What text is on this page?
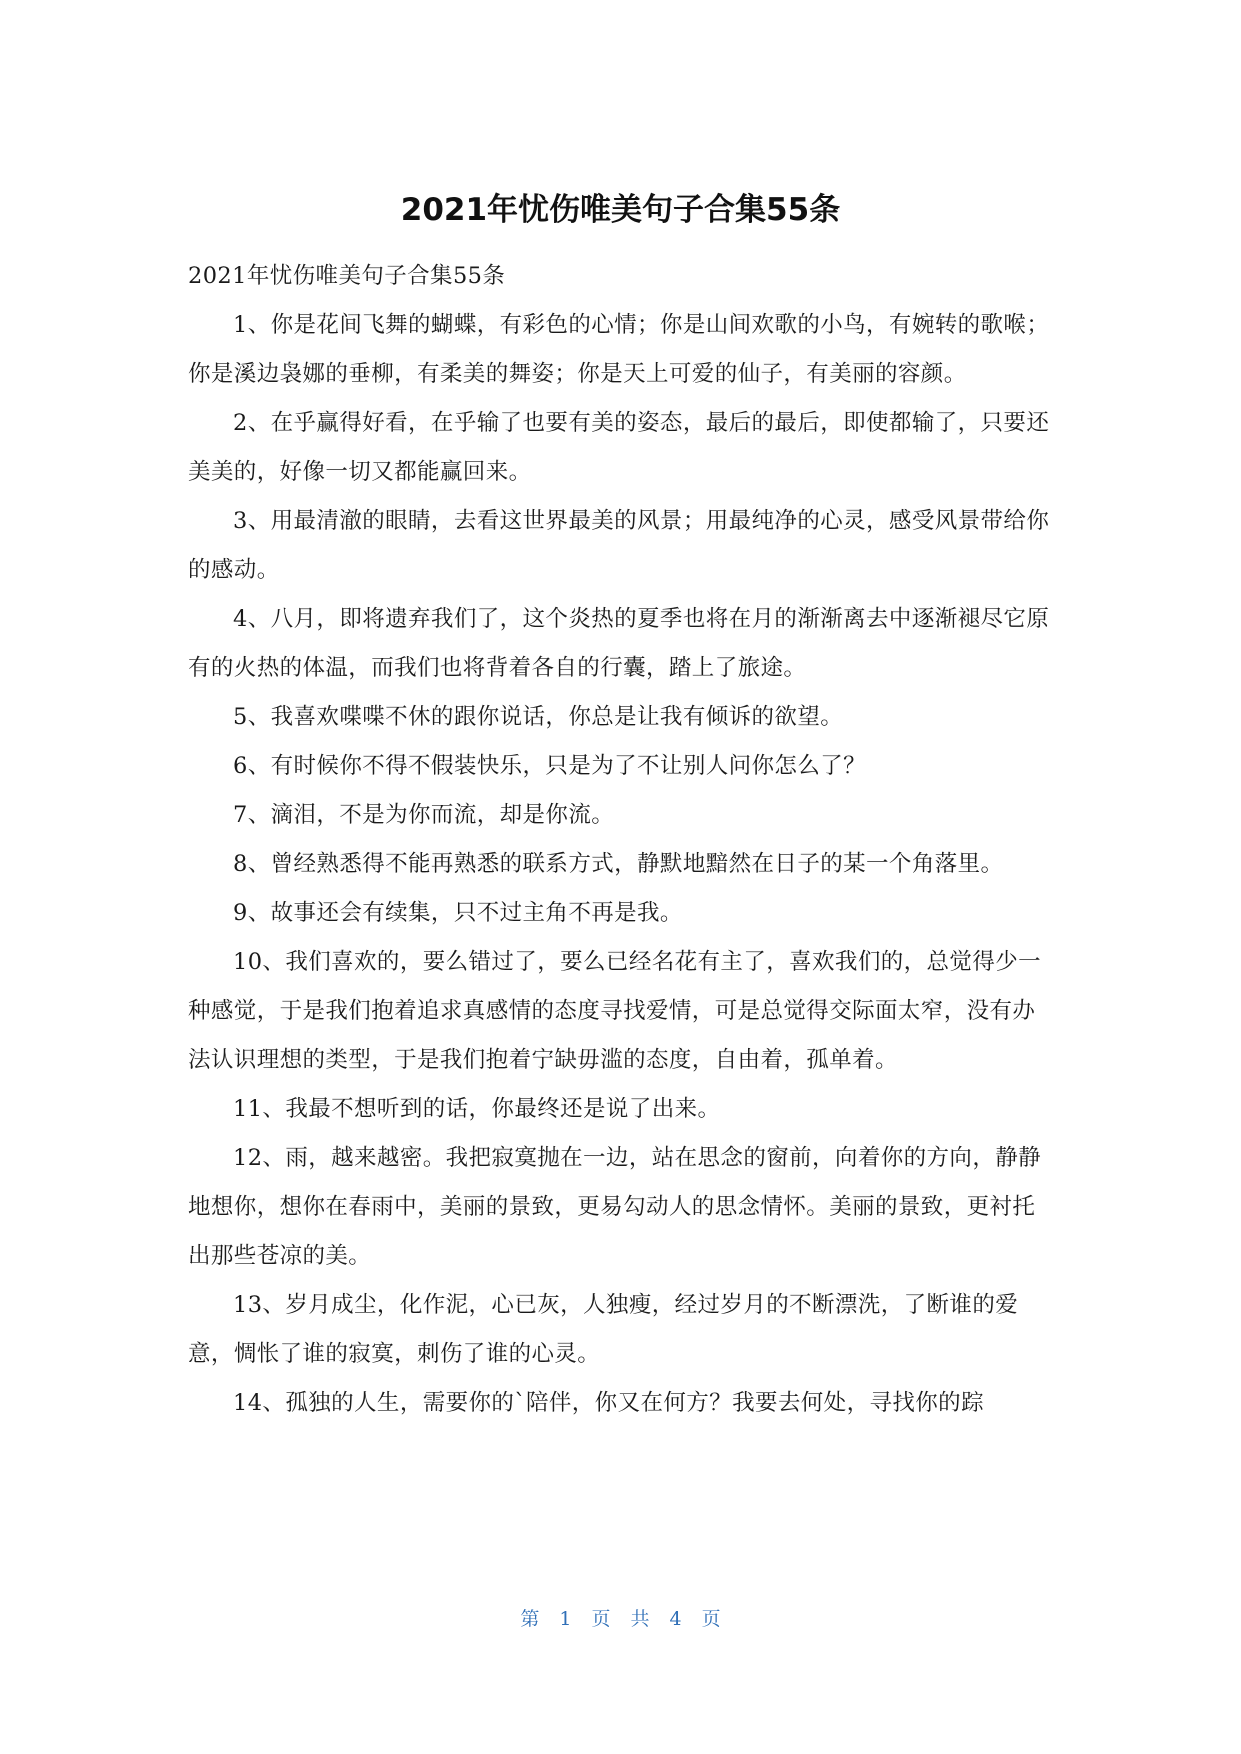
2021年忧伤唯美句子合集55条

2021年忧伤唯美句子合集55条

1、你是花间飞舞的蝴蝶，有彩色的心情；你是山间欢歌的小鸟，有婉转的歌喉；你是溪边袅娜的垂柳，有柔美的舞姿；你是天上可爱的仙子，有美丽的容颜。

2、在乎赢得好看，在乎输了也要有美的姿态，最后的最后，即使都输了，只要还美美的，好像一切又都能赢回来。

3、用最清澈的眼睛，去看这世界最美的风景；用最纯净的心灵，感受风景带给你的感动。

4、八月，即将遗弃我们了，这个炎热的夏季也将在月的渐渐离去中逐渐褪尽它原有的火热的体温，而我们也将背着各自的行囊，踏上了旅途。

5、我喜欢喋喋不休的跟你说话，你总是让我有倾诉的欲望。

6、有时候你不得不假装快乐，只是为了不让别人问你怎么了？

7、滴泪，不是为你而流，却是你流。

8、曾经熟悉得不能再熟悉的联系方式，静默地黯然在日子的某一个角落里。

9、故事还会有续集，只不过主角不再是我。

10、我们喜欢的，要么错过了，要么已经名花有主了，喜欢我们的，总觉得少一种感觉，于是我们抱着追求真感情的态度寻找爱情，可是总觉得交际面太窄，没有办法认识理想的类型，于是我们抱着宁缺毋滥的态度，自由着，孤单着。

11、我最不想听到的话，你最终还是说了出来。

12、雨，越来越密。我把寂寞抛在一边，站在思念的窗前，向着你的方向，静静地想你，想你在春雨中，美丽的景致，更易勾动人的思念情怀。美丽的景致，更衬托出那些苍凉的美。

13、岁月成尘，化作泥，心已灰，人独瘦，经过岁月的不断漂洗，了断谁的爱意，惆怅了谁的寂寞，刺伤了谁的心灵。

14、孤独的人生，需要你的`陪伴，你又在何方？我要去何处，寻找你的踪

第 1 页 共 4 页
